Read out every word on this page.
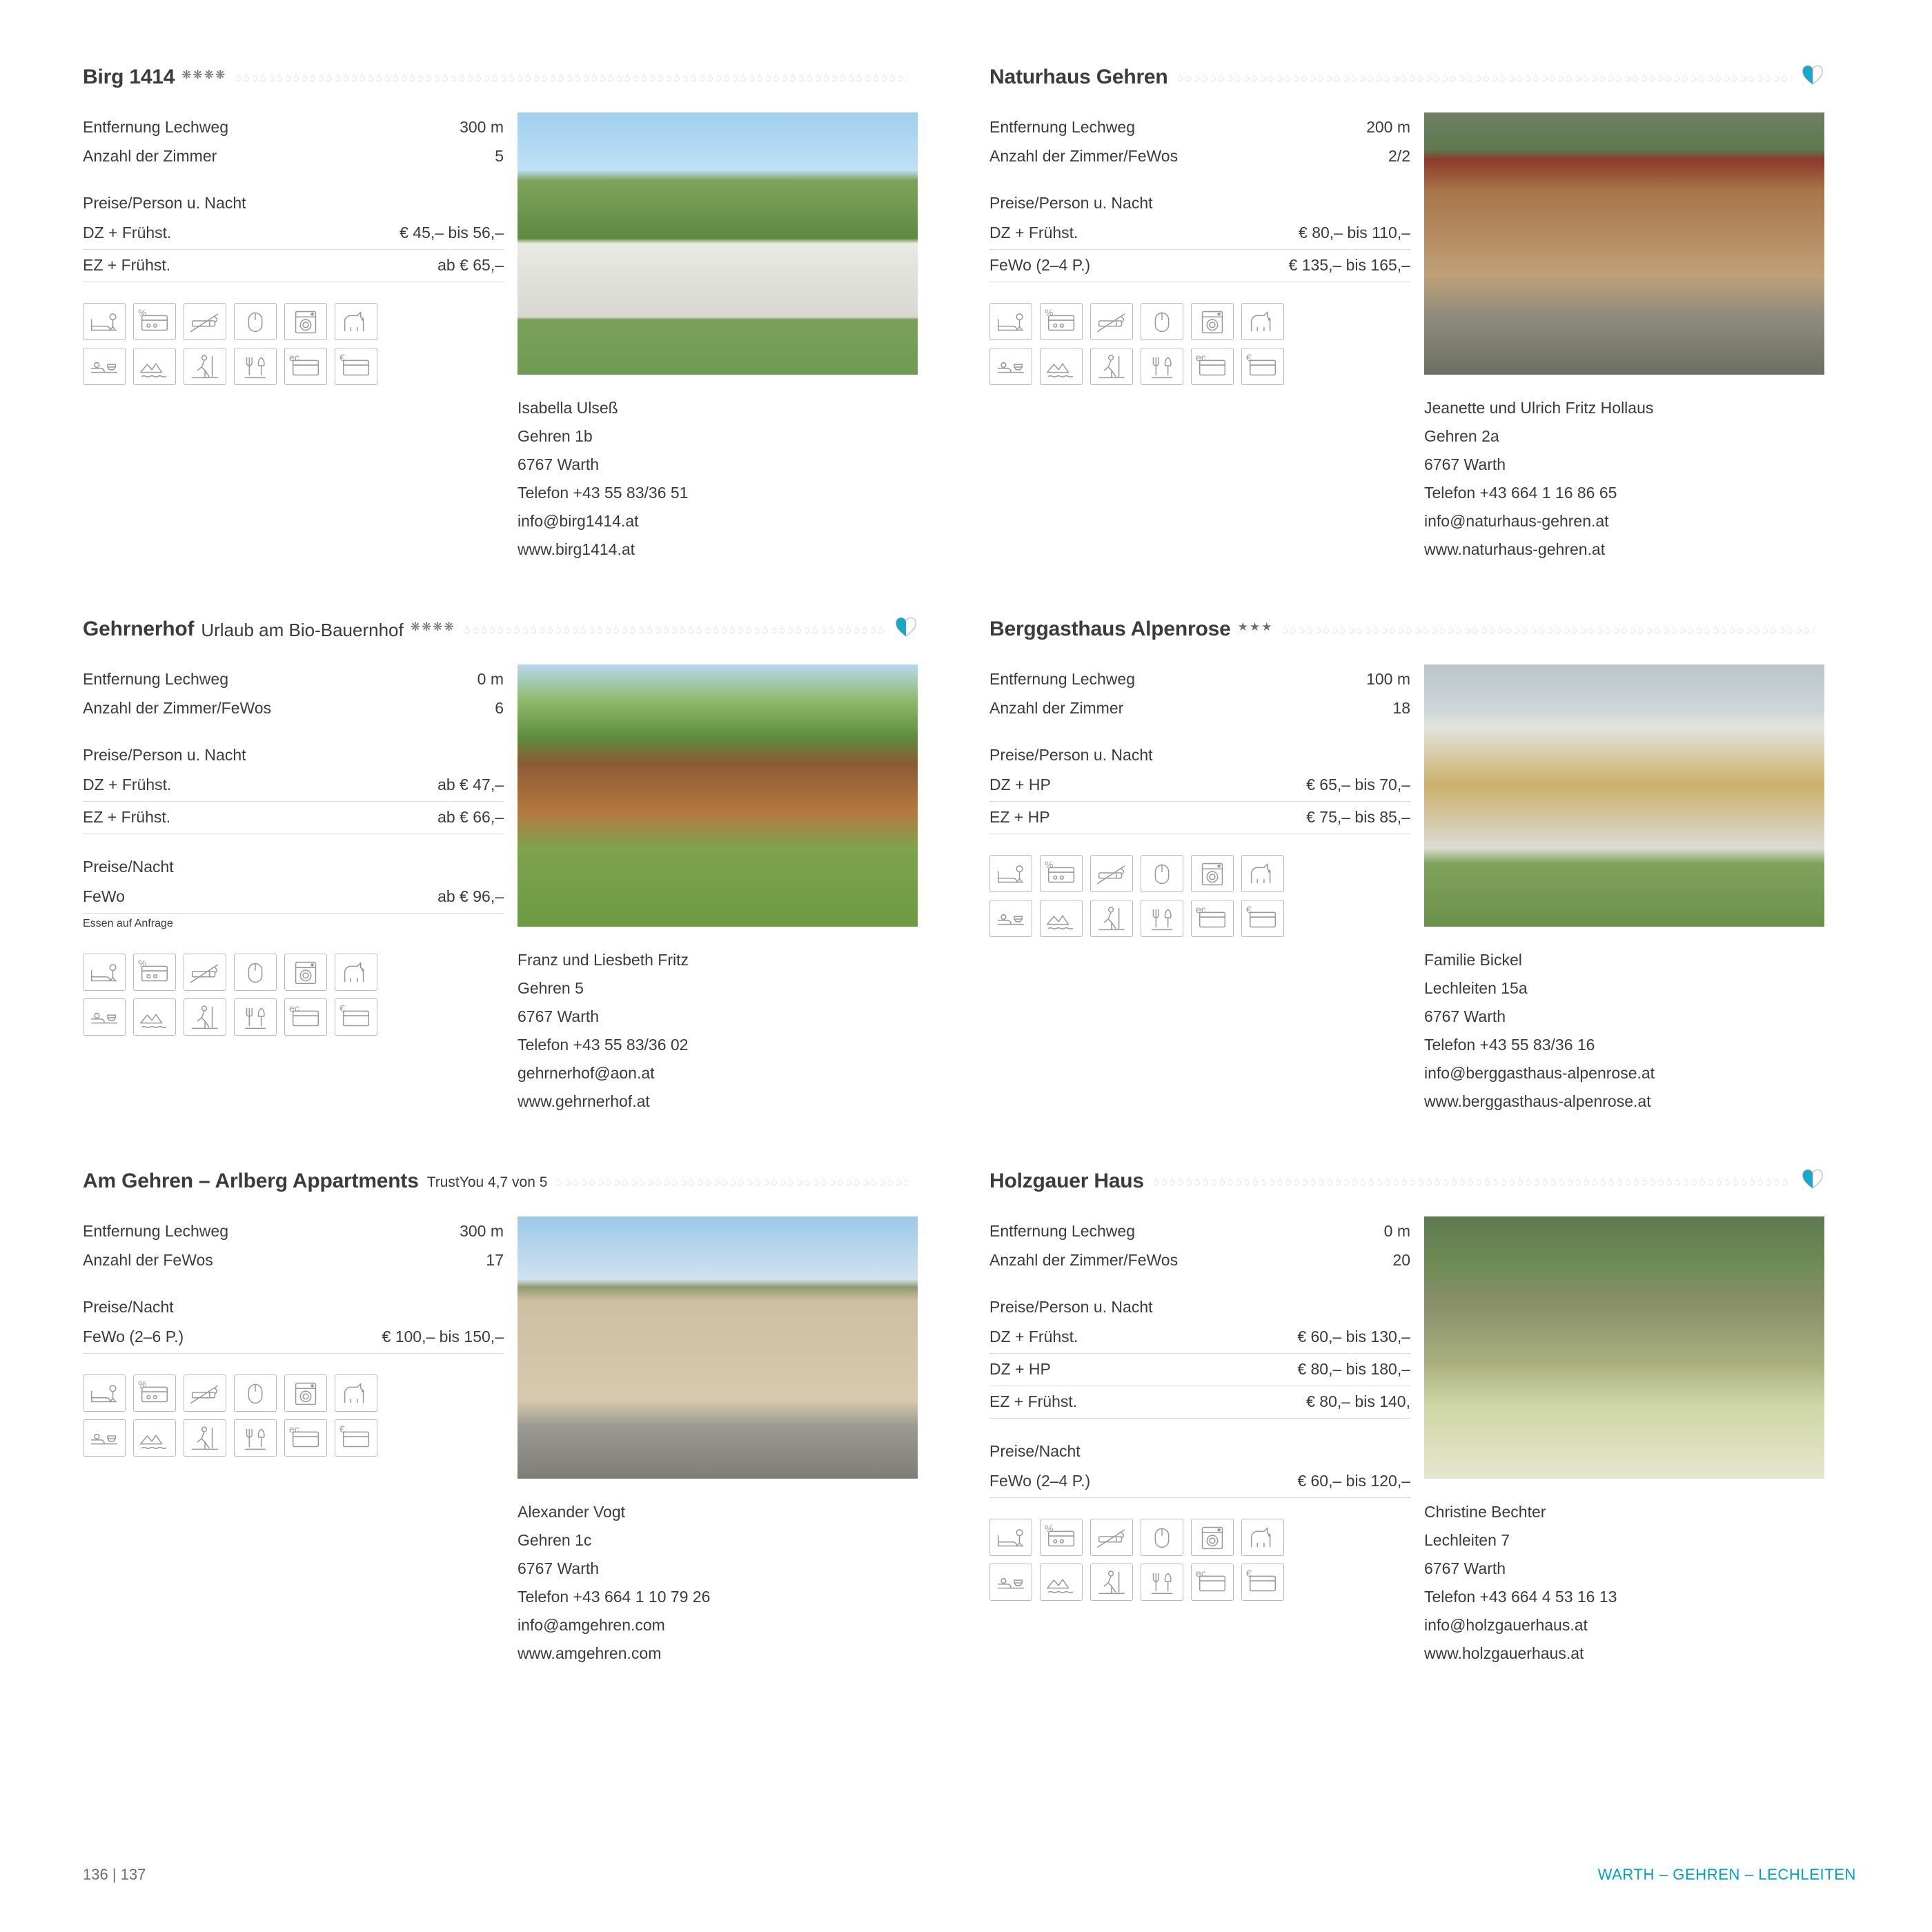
Birg 1414 ❋❋❋❋
Entfernung Lechweg	300 m
Anzahl der Zimmer	5
Preise/Person u. Nacht
DZ + Frühst.	€ 45,– bis 56,–
EZ + Frühst.	ab € 65,–
%
ec	€
Isabella Ulseß
Gehren 1b
6767 Warth
Telefon +43 55 83/36 51
info@birg1414.at
www.birg1414.at
Gehrnerhof Urlaub am Bio-Bauernhof ❋❋❋❋
Entfernung Lechweg	0 m
Anzahl der Zimmer/FeWos	6
Preise/Person u. Nacht
DZ + Frühst.	ab € 47,–
EZ + Frühst.	ab € 66,–
Preise/Nacht
FeWo	ab € 96,–
Essen auf Anfrage
%
ec	€
Franz und Liesbeth Fritz
Gehren 5
6767 Warth
Telefon +43 55 83/36 02
gehrnerhof@aon.at
www.gehrnerhof.at
Am Gehren – Arlberg Appartments TrustYou 4,7 von 5
Entfernung Lechweg	300 m
Anzahl der FeWos	17
Preise/Nacht
FeWo (2–6 P.)	€ 100,– bis 150,–
%
ec	€
Alexander Vogt
Gehren 1c
6767 Warth
Telefon +43 664 1 10 79 26
info@amgehren.com
www.amgehren.com
Naturhaus Gehren
Entfernung Lechweg	200 m
Anzahl der Zimmer/FeWos	2/2
Preise/Person u. Nacht
DZ + Frühst.	€ 80,– bis 110,–
FeWo (2–4 P.)	€ 135,– bis 165,–
%
ec	€
Jeanette und Ulrich Fritz Hollaus
Gehren 2a
6767 Warth
Telefon +43 664 1 16 86 65
info@naturhaus-gehren.at
www.naturhaus-gehren.at
Berggasthaus Alpenrose ★★★
Entfernung Lechweg	100 m
Anzahl der Zimmer	18
Preise/Person u. Nacht
DZ + HP	€ 65,– bis 70,–
EZ + HP	€ 75,– bis 85,–
%
ec	€
Familie Bickel
Lechleiten 15a
6767 Warth
Telefon +43 55 83/36 16
info@berggasthaus-alpenrose.at
www.berggasthaus-alpenrose.at
Holzgauer Haus
Entfernung Lechweg	0 m
Anzahl der Zimmer/FeWos	20
Preise/Person u. Nacht
DZ + Frühst.	€ 60,– bis 130,–
DZ + HP	€ 80,– bis 180,–
EZ + Frühst.	€ 80,– bis 140,
Preise/Nacht
FeWo (2–4 P.)	€ 60,– bis 120,–
%
ec	€
Christine Bechter
Lechleiten 7
6767 Warth
Telefon +43 664 4 53 16 13
info@holzgauerhaus.at
www.holzgauerhaus.at
136 | 137	WARTH – GEHREN – LECHLEITEN
